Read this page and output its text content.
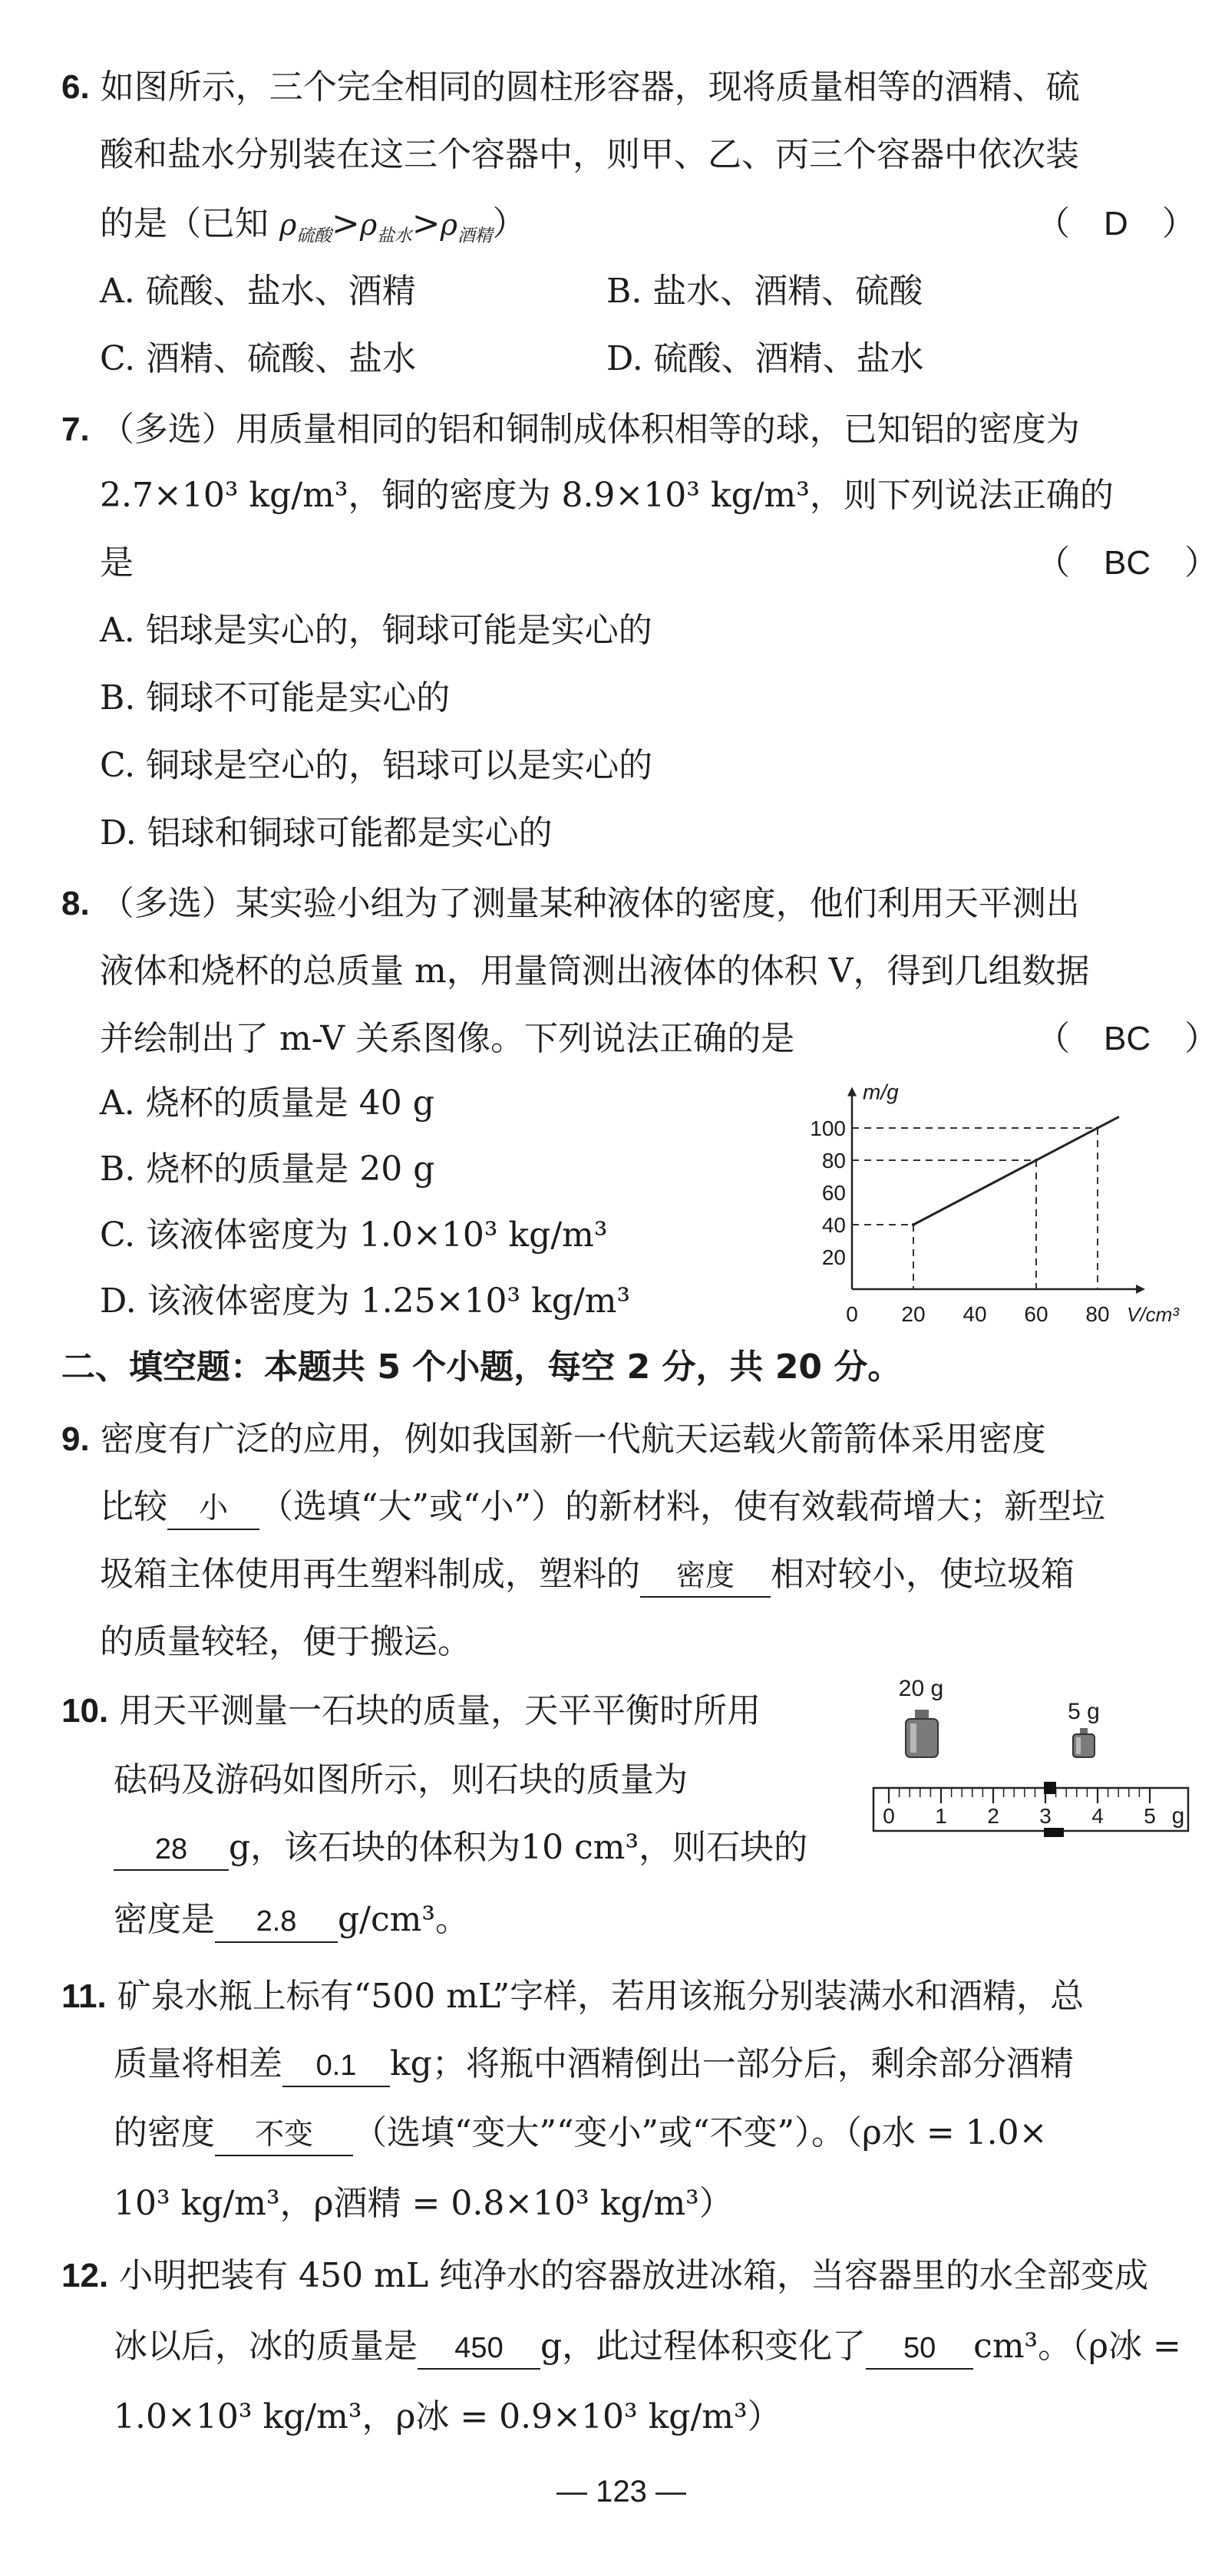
6. 如图所示，三个完全相同的圆柱形容器，现将质量相等的酒精、硫
酸和盐水分别装在这三个容器中，则甲、乙、丙三个容器中依次装
的是（已知 $\rho_{硫酸}>\rho_{盐水}>\rho_{酒精}$）	（　D　）
A. 硫酸、盐水、酒精	B. 盐水、酒精、硫酸
C. 酒精、硫酸、盐水	D. 硫酸、酒精、盐水
7. （多选）用质量相同的铝和铜制成体积相等的球，已知铝的密度为
2.7×10³ kg/m³，铜的密度为 8.9×10³ kg/m³，则下列说法正确的
是	（　BC　）
A. 铝球是实心的，铜球可能是实心的
B. 铜球不可能是实心的
C. 铜球是空心的，铝球可以是实心的
D. 铝球和铜球可能都是实心的
8. （多选）某实验小组为了测量某种液体的密度，他们利用天平测出
液体和烧杯的总质量 m，用量筒测出液体的体积 V，得到几组数据
并绘制出了 m-V 关系图像。下列说法正确的是	（　BC　）
A. 烧杯的质量是 40 g
B. 烧杯的质量是 20 g
C. 该液体密度为 1.0×10³ kg/m³
D. 该液体密度为 1.25×10³ kg/m³
m/g
V/cm³
0 20 40 60 80
20
40
60
80
100
二、填空题：本题共 5 个小题，每空 2 分，共 20 分。
9. 密度有广泛的应用，例如我国新一代航天运载火箭箭体采用密度
比较 小 （选填“大”或“小”）的新材料，使有效载荷增大；新型垃
圾箱主体使用再生塑料制成，塑料的 密度 相对较小，使垃圾箱
的质量较轻，便于搬运。
10. 用天平测量一石块的质量，天平平衡时所用
砝码及游码如图所示，则石块的质量为
28 g，该石块的体积为10 cm³，则石块的
密度是 2.8 g/cm³。
20 g
5 g
0 1 2 3 4 5 g
11. 矿泉水瓶上标有“500 mL”字样，若用该瓶分别装满水和酒精，总
质量将相差 0.1 kg；将瓶中酒精倒出一部分后，剩余部分酒精
的密度 不变 （选填“变大”“变小”或“不变”）。（ρ水 = 1.0×
10³ kg/m³，ρ酒精 = 0.8×10³ kg/m³）
12. 小明把装有 450 mL 纯净水的容器放进冰箱，当容器里的水全部变成
冰以后，冰的质量是 450 g，此过程体积变化了 50 cm³。（ρ冰 =
1.0×10³ kg/m³，ρ冰 = 0.9×10³ kg/m³）
— 123 —
